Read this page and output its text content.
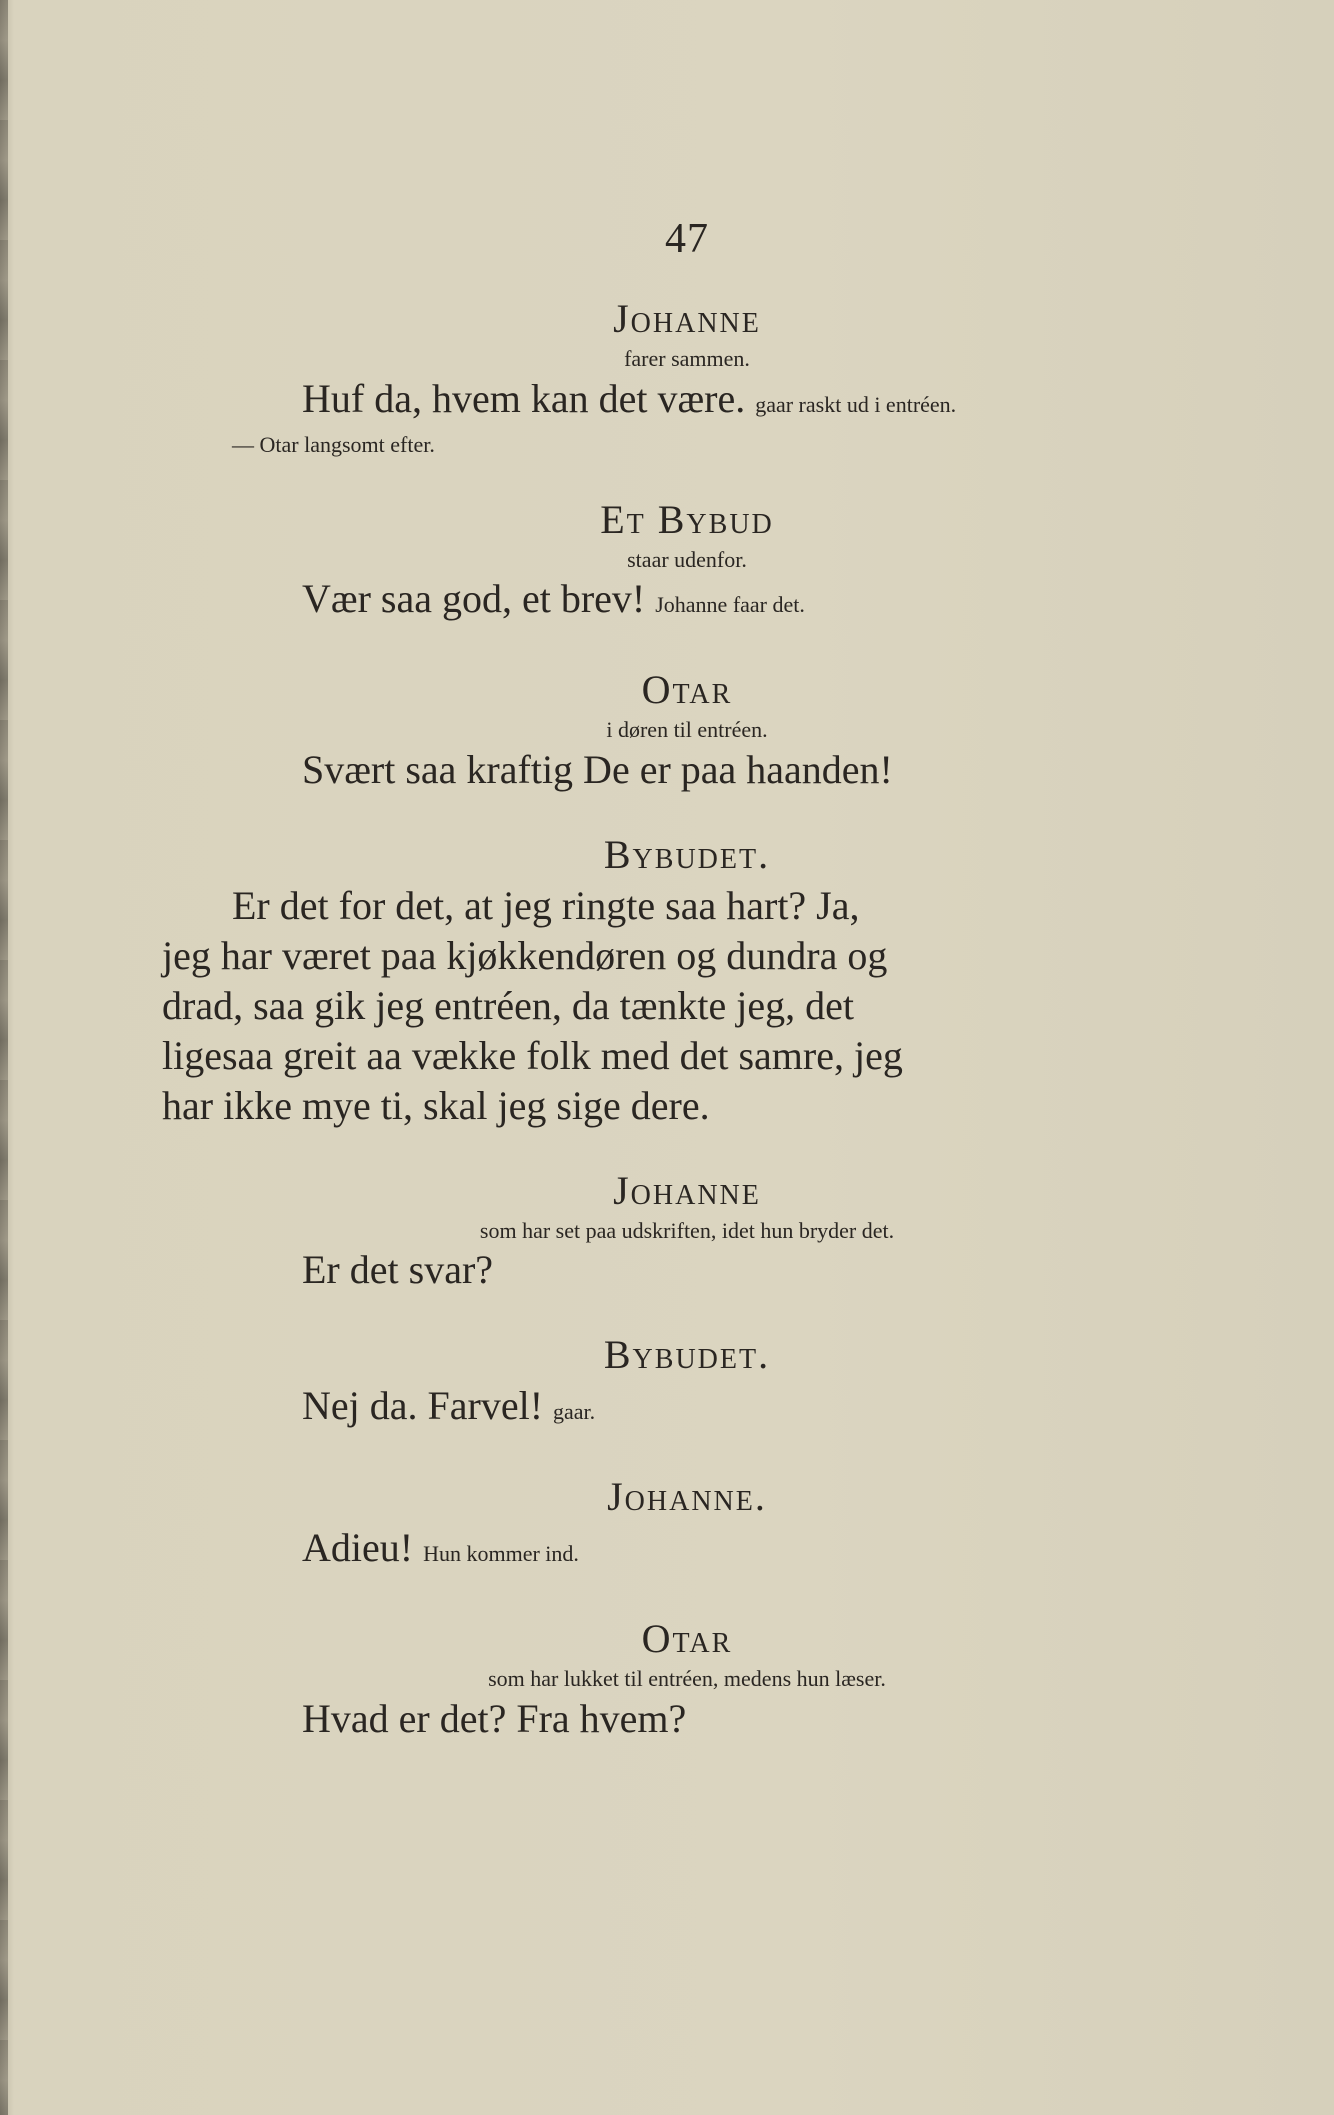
47
Johanne
farer sammen.
Huf da, hvem kan det være. gaar raskt ud i entréen.
— Otar langsomt efter.
Et Bybud
staar udenfor.
Vær saa god, et brev! Johanne faar det.
Otar
i døren til entréen.
Svært saa kraftig De er paa haanden!
Bybudet.
Er det for det, at jeg ringte saa hart? Ja,
jeg har været paa kjøkkendøren og dundra og
drad, saa gik jeg entréen, da tænkte jeg, det
ligesaa greit aa vække folk med det samre, jeg
har ikke mye ti, skal jeg sige dere.
Johanne
som har set paa udskriften, idet hun bryder det.
Er det svar?
Bybudet.
Nej da. Farvel! gaar.
Johanne.
Adieu! Hun kommer ind.
Otar
som har lukket til entréen, medens hun læser.
Hvad er det? Fra hvem?
